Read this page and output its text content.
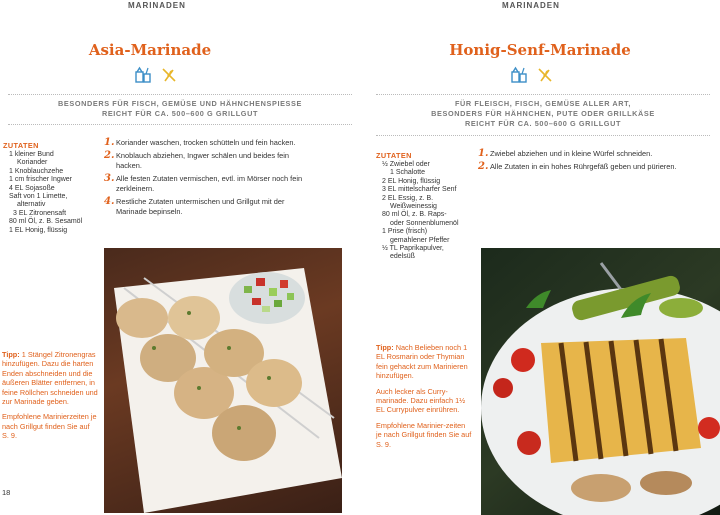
MARINADEN
Asia-Marinade
BESONDERS FÜR FISCH, GEMÜSE UND HÄHNCHENSPIESSE
REICHT FÜR CA. 500–600 G GRILLGUT
ZUTATEN
1 kleiner Bund
Koriander
1 Knoblauchzehe
1 cm frischer Ingwer
4 EL Sojasoße
Saft von 1 Limette,
alternativ
3 EL Zitronensaft
80 ml Öl, z. B. Sesamöl
1 EL Honig, flüssig
1. Koriander waschen, trocken schütteln und fein hacken.
2. Knoblauch abziehen, Ingwer schälen und beides fein hacken.
3. Alle festen Zutaten vermischen, evtl. im Mörser noch fein zerkleinern.
4. Restliche Zutaten untermischen und Grillgut mit der Marinade bepinseln.

Tipp: 1 Stängel Zitronengras hinzufügen. Dazu die harten Enden abschneiden und die äußeren Blätter entfernen, in feine Röllchen schneiden und zur Marinade geben.

Empfohlene Marinierzeiten je nach Grillgut finden Sie auf S. 9.

18
MARINADEN
Honig-Senf-Marinade
FÜR FLEISCH, FISCH, GEMÜSE ALLER ART,
BESONDERS FÜR HÄHNCHEN, PUTE ODER GRILLKÄSE
REICHT FÜR CA. 500–600 G GRILLGUT
ZUTATEN
½ Zwiebel oder
1 Schalotte
2 EL Honig, flüssig
3 EL mittelscharfer Senf
2 EL Essig, z. B.
Weißweinessig
80 ml Öl, z. B. Raps-
oder Sonnenblumenöl
1 Prise (frisch)
gemahlener Pfeffer
½ TL Paprikapulver,
edelsüß
1. Zwiebel abziehen und in kleine Würfel schneiden.
2. Alle Zutaten in ein hohes Rührgefäß geben und pürieren.

Tipp: Nach Belieben noch 1 EL Rosmarin oder Thymian fein gehackt zum Marinieren hinzufügen.

Auch lecker als Curry-marinade. Dazu einfach 1½ EL Currypulver einrühren.

Empfohlene Marinier-zeiten je nach Grillgut finden Sie auf S. 9.
